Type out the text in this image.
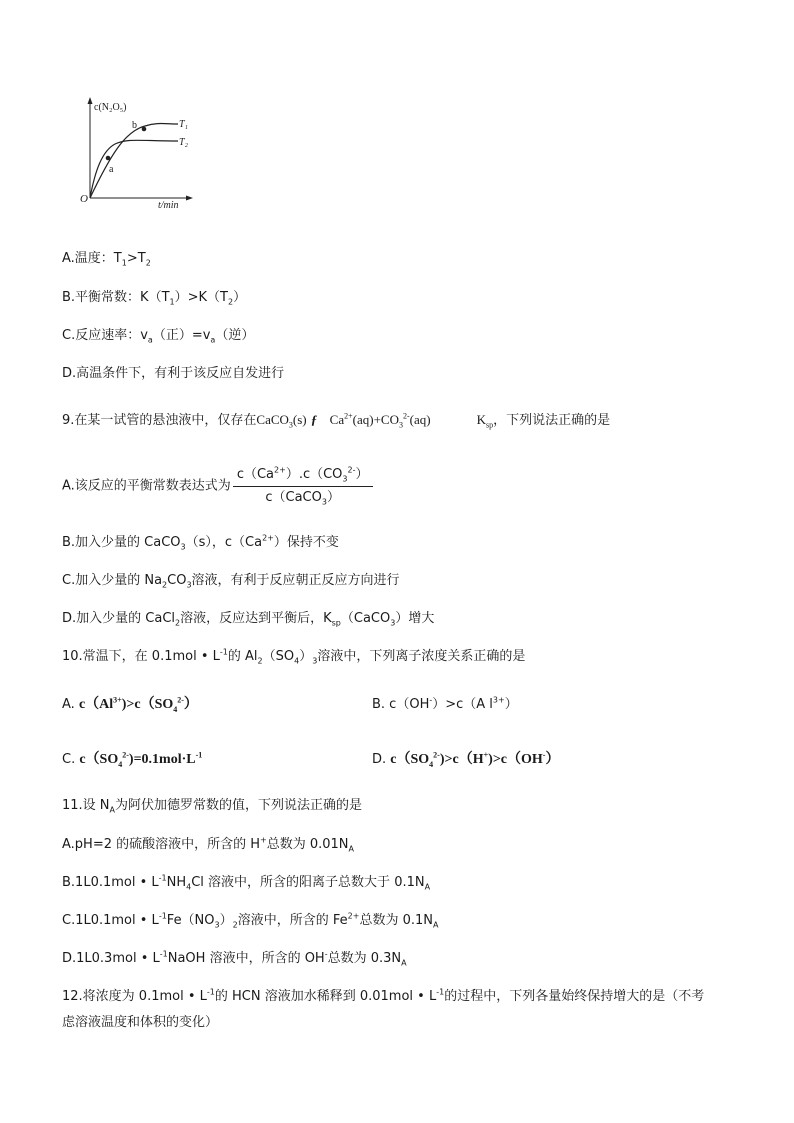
c(N₂O₅)
t/min
O
a
b	T₁
T₂
A.温度：$T_1>T_2$
B.平衡常数：$K(T_1)>K(T_2)$
C.反应速率：$v_a$（正）$=v_a$（逆）
D.高温条件下，有利于该反应自发进行
9.在某一试管的悬浊液中，仅存在CaCO$_3$(s) ƒ $Ca^{2+}(aq)+CO_3^{2-}(aq)$	$K_{sp}$，下列说法正确的是
A.该反应的平衡常数表达式为 $\frac{c(Ca^{2+}).c(CO_3^{2-})}{c(CaCO_3)}$
B.加入少量的 CaCO$_3$（s），$c(Ca^{2+})$保持不变
C.加入少量的 $Na_2CO_3$溶液，有利于反应朝正反应方向进行
D.加入少量的 CaCl$_2$溶液，反应达到平衡后，$K_{sp}(CaCO_3)$增大
10.常温下，在 0.1mol • $L^{-1}$的 $Al_2(SO_4)_3$溶液中，下列离子浓度关系正确的是
A. $c(Al^{3+})>c(SO_4^{2-})$	B. c（OH-）>c（A $l^{3+}$）
C. $c(SO_4^{2-})=0.1mol\cdot L^{-1}$	D. $c(SO_4^{2-})>c(H^+)>c(OH^-)$
11.设 $N_A$为阿伏加德罗常数的值，下列说法正确的是
A.pH=2 的硫酸溶液中，所含的 H+总数为 $0.01N_A$
B.1L0.1mol • $L^{-1}NH_4Cl$ 溶液中，所含的阳离子总数大于 $0.1N_A$
C.1L0.1mol • $L^{-1}Fe(NO_3)_2$溶液中，所含的 $Fe^{2+}$总数为 $0.1N_A$
D.1L0.3mol • $L^{-1}NaOH$ 溶液中，所含的 OH-总数为 $0.3N_A$
12.将浓度为 0.1mol • $L^{-1}$的 HCN 溶液加水稀释到 0.01mol • $L^{-1}$的过程中，下列各量始终保持增大的是（不考
虑溶液温度和体积的变化）
